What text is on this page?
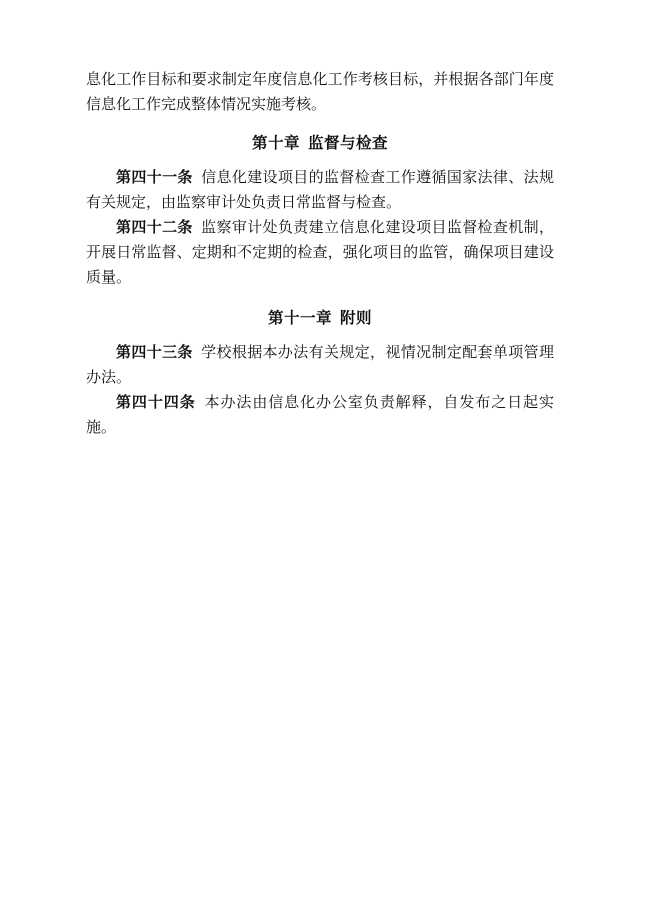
息化工作目标和要求制定年度信息化工作考核目标，并根据各部门年度信息化工作完成整体情况实施考核。

第十章 监督与检查

第四十一条 信息化建设项目的监督检查工作遵循国家法律、法规有关规定，由监察审计处负责日常监督与检查。

第四十二条 监察审计处负责建立信息化建设项目监督检查机制，开展日常监督、定期和不定期的检查，强化项目的监管，确保项目建设质量。

第十一章 附则

第四十三条 学校根据本办法有关规定，视情况制定配套单项管理办法。

第四十四条 本办法由信息化办公室负责解释，自发布之日起实施。
